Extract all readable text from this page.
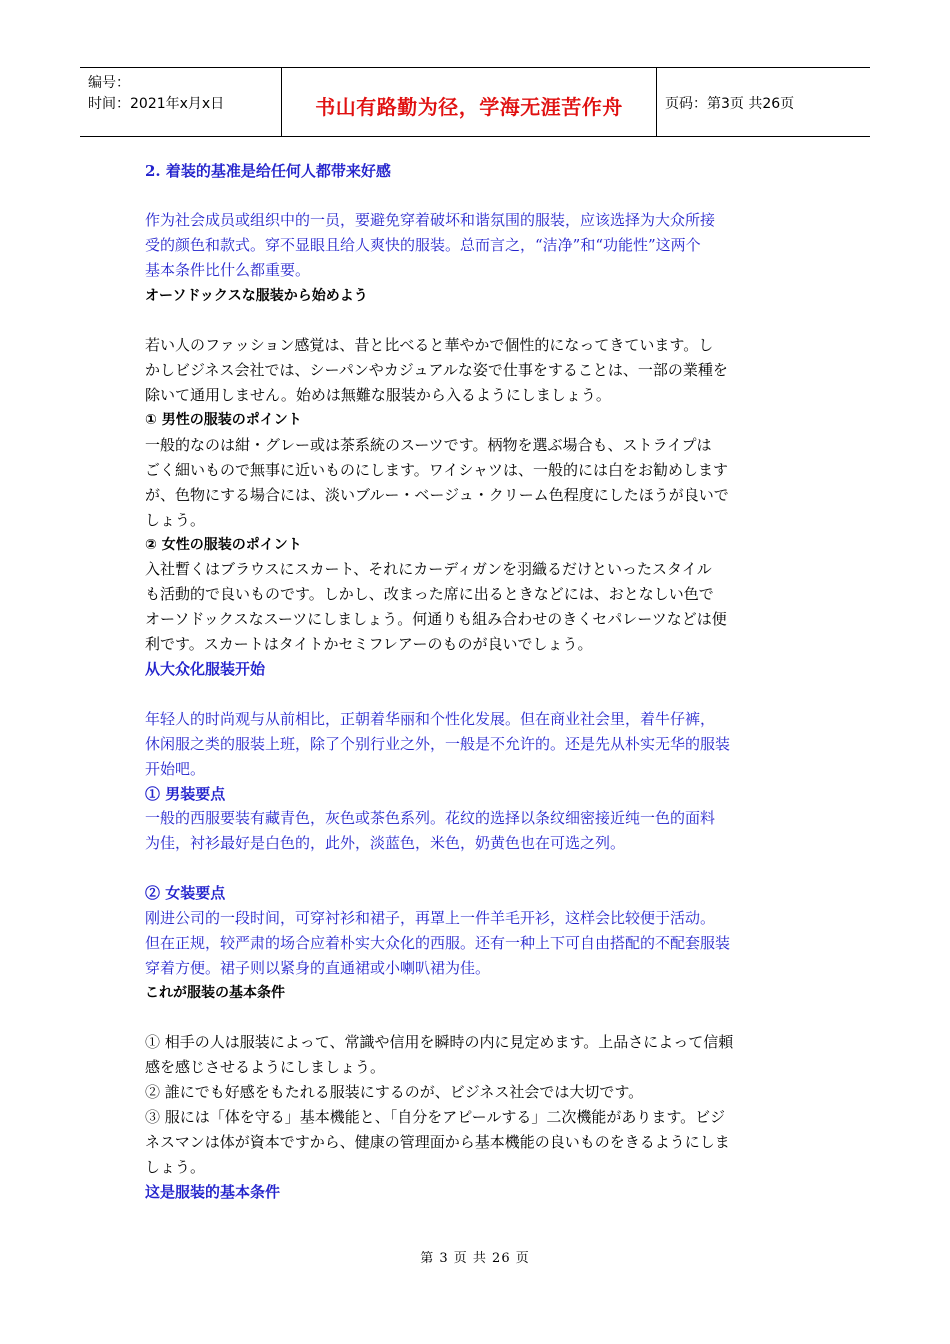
编号：
时间：2021年x月x日	书山有路勤为径，学海无涯苦作舟	页码：第3页 共26页
2. 着装的基准是给任何人都带来好感
作为社会成员或组织中的一员，要避免穿着破坏和谐氛围的服装，应该选择为大众所接
受的颜色和款式。穿不显眼且给人爽快的服装。总而言之，“洁净”和“功能性”这两个
基本条件比什么都重要。
オーソドックスな服装から始めよう
若い人のファッション感覚は、昔と比べると華やかで個性的になってきています。し
かしビジネス会社では、シーパンやカジュアルな姿で仕事をすることは、一部の業種を
除いて通用しません。始めは無難な服装から入るようにしましょう。
① 男性の服装のポイント
一般的なのは紺・グレー或は茶系統のスーツです。柄物を選ぶ場合も、ストライプは
ごく細いもので無事に近いものにします。ワイシャツは、一般的には白をお勧めします
が、色物にする場合には、淡いブルー・ベージュ・クリーム色程度にしたほうが良いで
しょう。
② 女性の服装のポイント
入社暫くはブラウスにスカート、それにカーディガンを羽織るだけといったスタイル
も活動的で良いものです。しかし、改まった席に出るときなどには、おとなしい色で
オーソドックスなスーツにしましょう。何通りも組み合わせのきくセパレーツなどは便
利です。スカートはタイトかセミフレアーのものが良いでしょう。
从大众化服装开始
年轻人的时尚观与从前相比，正朝着华丽和个性化发展。但在商业社会里，着牛仔裤，
休闲服之类的服装上班，除了个别行业之外，一般是不允许的。还是先从朴实无华的服装
开始吧。
① 男装要点
一般的西服要装有藏青色，灰色或茶色系列。花纹的选择以条纹细密接近纯一色的面料
为佳，衬衫最好是白色的，此外，淡蓝色，米色，奶黄色也在可选之列。
② 女装要点
刚进公司的一段时间，可穿衬衫和裙子，再罩上一件羊毛开衫，这样会比较便于活动。
但在正规，较严肃的场合应着朴实大众化的西服。还有一种上下可自由搭配的不配套服装
穿着方便。裙子则以紧身的直通裙或小喇叭裙为佳。
これが服装の基本条件
① 相手の人は服装によって、常識や信用を瞬時の内に見定めます。上品さによって信頼
感を感じさせるようにしましょう。
② 誰にでも好感をもたれる服装にするのが、ビジネス社会では大切です。
③ 服には「体を守る」基本機能と、「自分をアピールする」二次機能があります。ビジ
ネスマンは体が資本ですから、健康の管理面から基本機能の良いものをきるようにしま
しょう。
这是服装的基本条件
第 3 页 共 26 页
